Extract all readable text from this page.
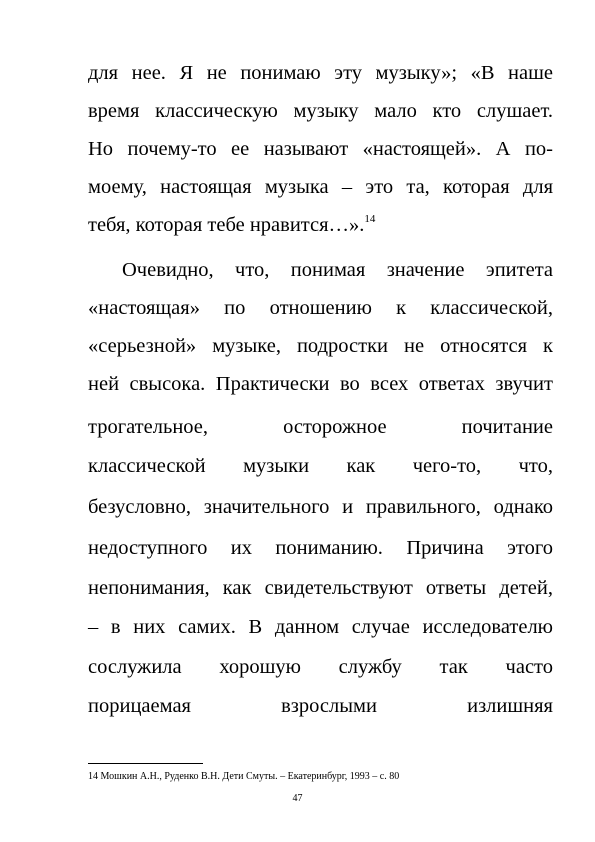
для нее. Я не понимаю эту музыку»; «В наше
время классическую музыку мало кто слушает.
Но почему-то ее называют «настоящей». А по-
моему, настоящая музыка – это та, которая для
тебя, которая тебе нравится…».$^{14}$
Очевидно, что, понимая значение эпитета
«настоящая» по отношению к классической,
«серьезной» музыке, подростки не относятся к
ней свысока. Практически во всех ответах звучит
трогательное, осторожное почитание
классической музыки как чего-то, что,
безусловно, значительного и правильного, однако
недоступного их пониманию. Причина этого
непонимания, как свидетельствуют ответы детей,
– в них самих. В данном случае исследователю
сослужила хорошую службу так часто
порицаемая взрослыми излишняя
14 Мошкин А.Н., Руденко В.Н. Дети Смуты. – Екатеринбург, 1993 – с. 80
47
